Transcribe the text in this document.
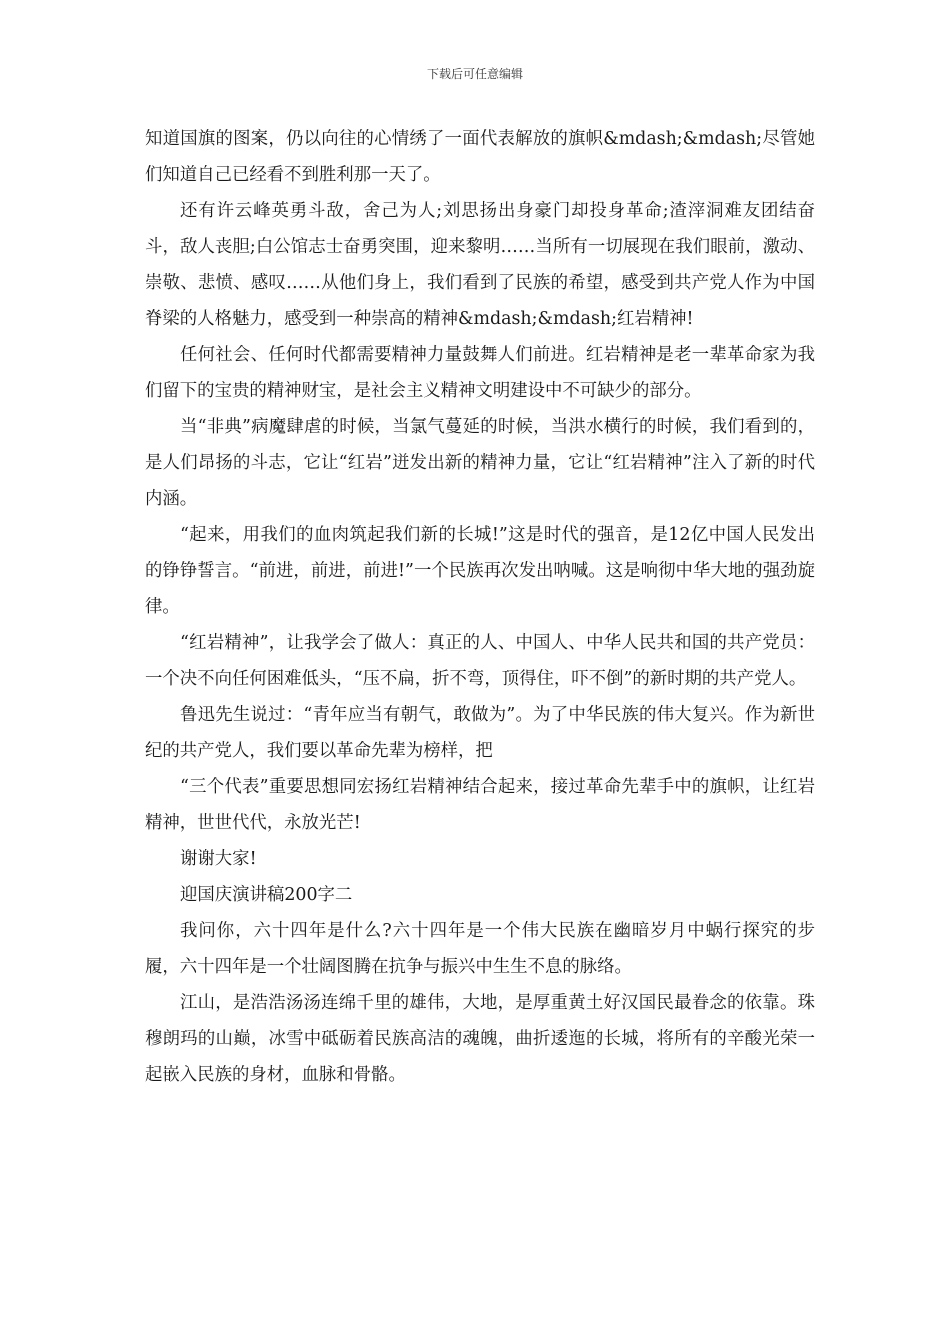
下载后可任意编辑

知道国旗的图案，仍以向往的心情绣了一面代表解放的旗帜&mdash;&mdash;尽管她们知道自己已经看不到胜利那一天了。

还有许云峰英勇斗敌，舍己为人;刘思扬出身豪门却投身革命;渣滓洞难友团结奋斗，敌人丧胆;白公馆志士奋勇突围，迎来黎明……当所有一切展现在我们眼前，激动、崇敬、悲愤、感叹……从他们身上，我们看到了民族的希望，感受到共产党人作为中国脊梁的人格魅力，感受到一种崇高的精神&mdash;&mdash;红岩精神!

任何社会、任何时代都需要精神力量鼓舞人们前进。红岩精神是老一辈革命家为我们留下的宝贵的精神财宝，是社会主义精神文明建设中不可缺少的部分。

当“非典”病魔肆虐的时候，当氯气蔓延的时候，当洪水横行的时候，我们看到的，是人们昂扬的斗志，它让“红岩”迸发出新的精神力量，它让“红岩精神”注入了新的时代内涵。

“起来，用我们的血肉筑起我们新的长城!”这是时代的强音，是12亿中国人民发出的铮铮誓言。“前进，前进，前进!”一个民族再次发出呐喊。这是响彻中华大地的强劲旋律。

“红岩精神”，让我学会了做人：真正的人、中国人、中华人民共和国的共产党员：一个决不向任何困难低头，“压不扁，折不弯，顶得住，吓不倒”的新时期的共产党人。

鲁迅先生说过：“青年应当有朝气，敢做为”。为了中华民族的伟大复兴。作为新世纪的共产党人，我们要以革命先辈为榜样，把

“三个代表”重要思想同宏扬红岩精神结合起来，接过革命先辈手中的旗帜，让红岩精神，世世代代，永放光芒!

谢谢大家!

迎国庆演讲稿200字二

我问你，六十四年是什么?六十四年是一个伟大民族在幽暗岁月中蜗行探究的步履，六十四年是一个壮阔图腾在抗争与振兴中生生不息的脉络。

江山，是浩浩汤汤连绵千里的雄伟，大地，是厚重黄土好汉国民最眷念的依靠。珠穆朗玛的山巅，冰雪中砥砺着民族高洁的魂魄，曲折逶迤的长城，将所有的辛酸光荣一起嵌入民族的身材，血脉和骨骼。
